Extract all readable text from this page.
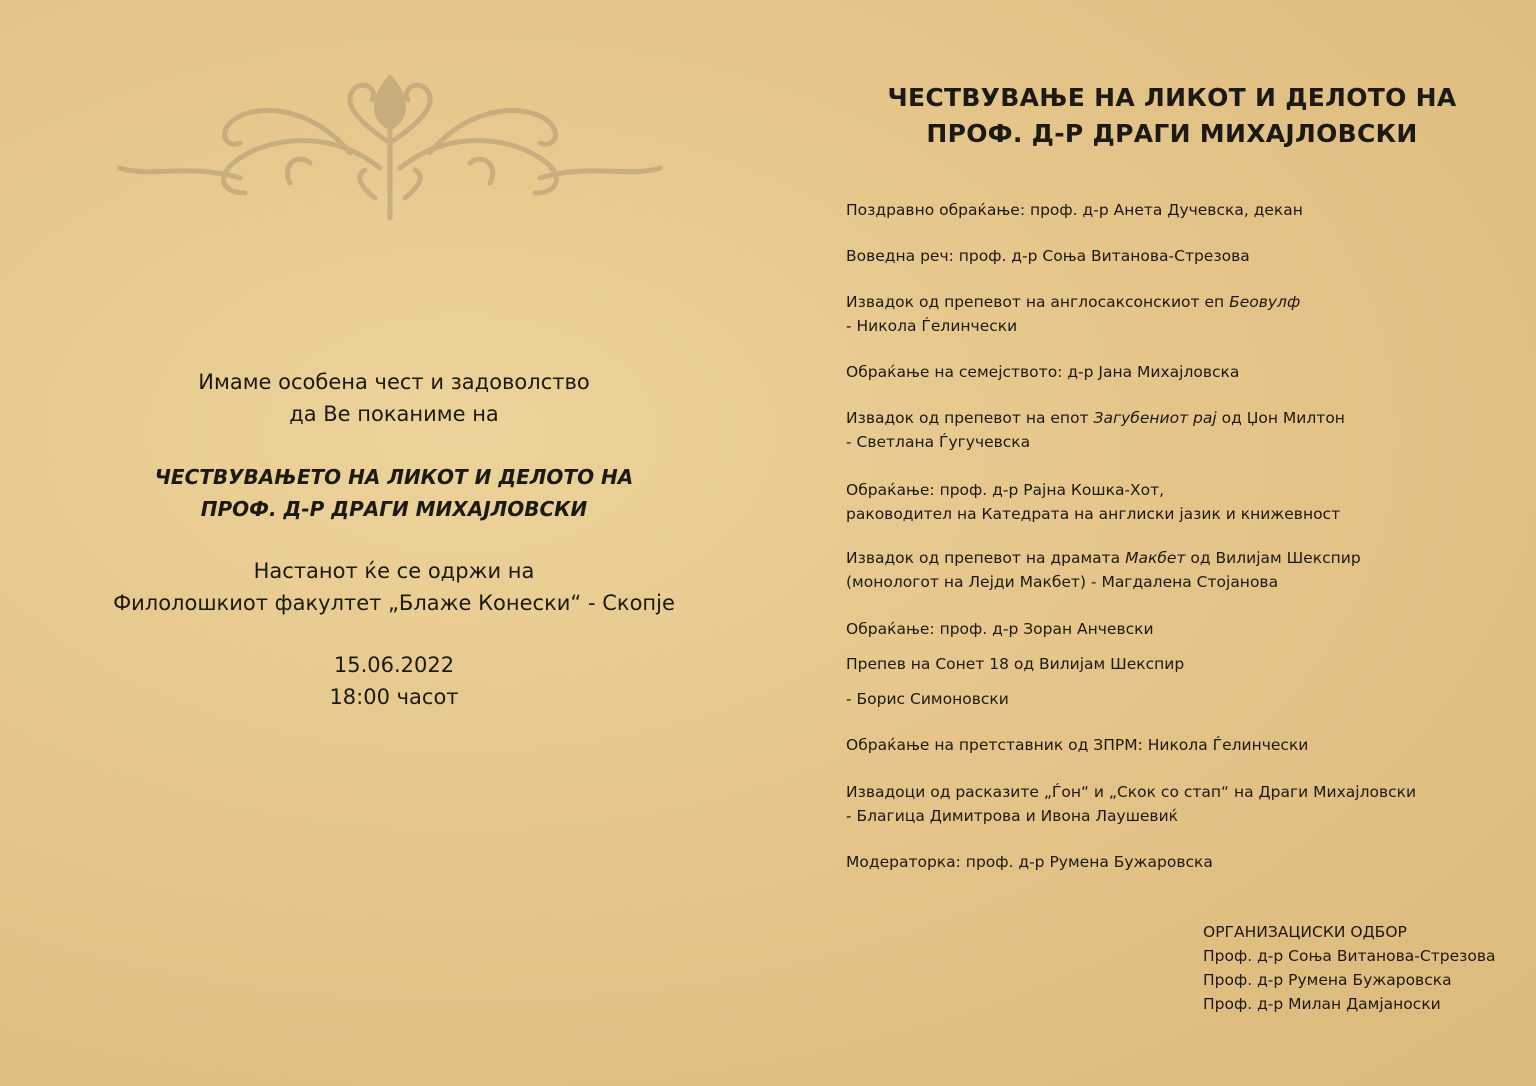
Имаме особена чест и задоволство

да Ве поканиме на

ЧЕСТВУВАЊЕТО НА ЛИКОТ И ДЕЛОТО НА

ПРОФ. Д-Р ДРАГИ МИХАЈЛОВСКИ

Настанот ќе се одржи на

Филолошкиот факултет „Блаже Конески“ - Скопје

15.06.2022

18:00 часот

ЧЕСТВУВАЊЕ НА ЛИКОТ И ДЕЛОТО НА
ПРОФ. Д-Р ДРАГИ МИХАЈЛОВСКИ
Поздравно обраќање: проф. д-р Анета Дучевска, декан
Воведна реч: проф. д-р Соња Витанова-Стрезова
Извадок од препевот на англосаксонскиот еп Беовулф
- Никола Ѓелинчески
Обраќање на семејството: д-р Јана Михајловска
Извадок од препевот на епот Загубениот рај од Џон Милтон
- Светлана Ѓугучевска
Обраќање: проф. д-р Рајна Кошка-Хот,
раководител на Катедрата на англиски јазик и книжевност
Извадок од препевот на драмата Макбет од Вилијам Шекспир
(монологот на Лејди Макбет) - Магдалена Стојанова
Обраќање: проф. д-р Зоран Анчевски
Препев на Сонет 18 од Вилијам Шекспир
- Борис Симоновски
Обраќање на претставник од ЗПРМ: Никола Ѓелинчески
Извадоци од расказите „Ѓон“ и „Скок со стап“ на Драги Михајловски
- Благица Димитрова и Ивона Лаушевиќ
Модераторка: проф. д-р Румена Бужаровска
ОРГАНИЗАЦИСКИ ОДБОР
Проф. д-р Соња Витанова-Стрезова
Проф. д-р Румена Бужаровска
Проф. д-р Милан Дамјаноски
